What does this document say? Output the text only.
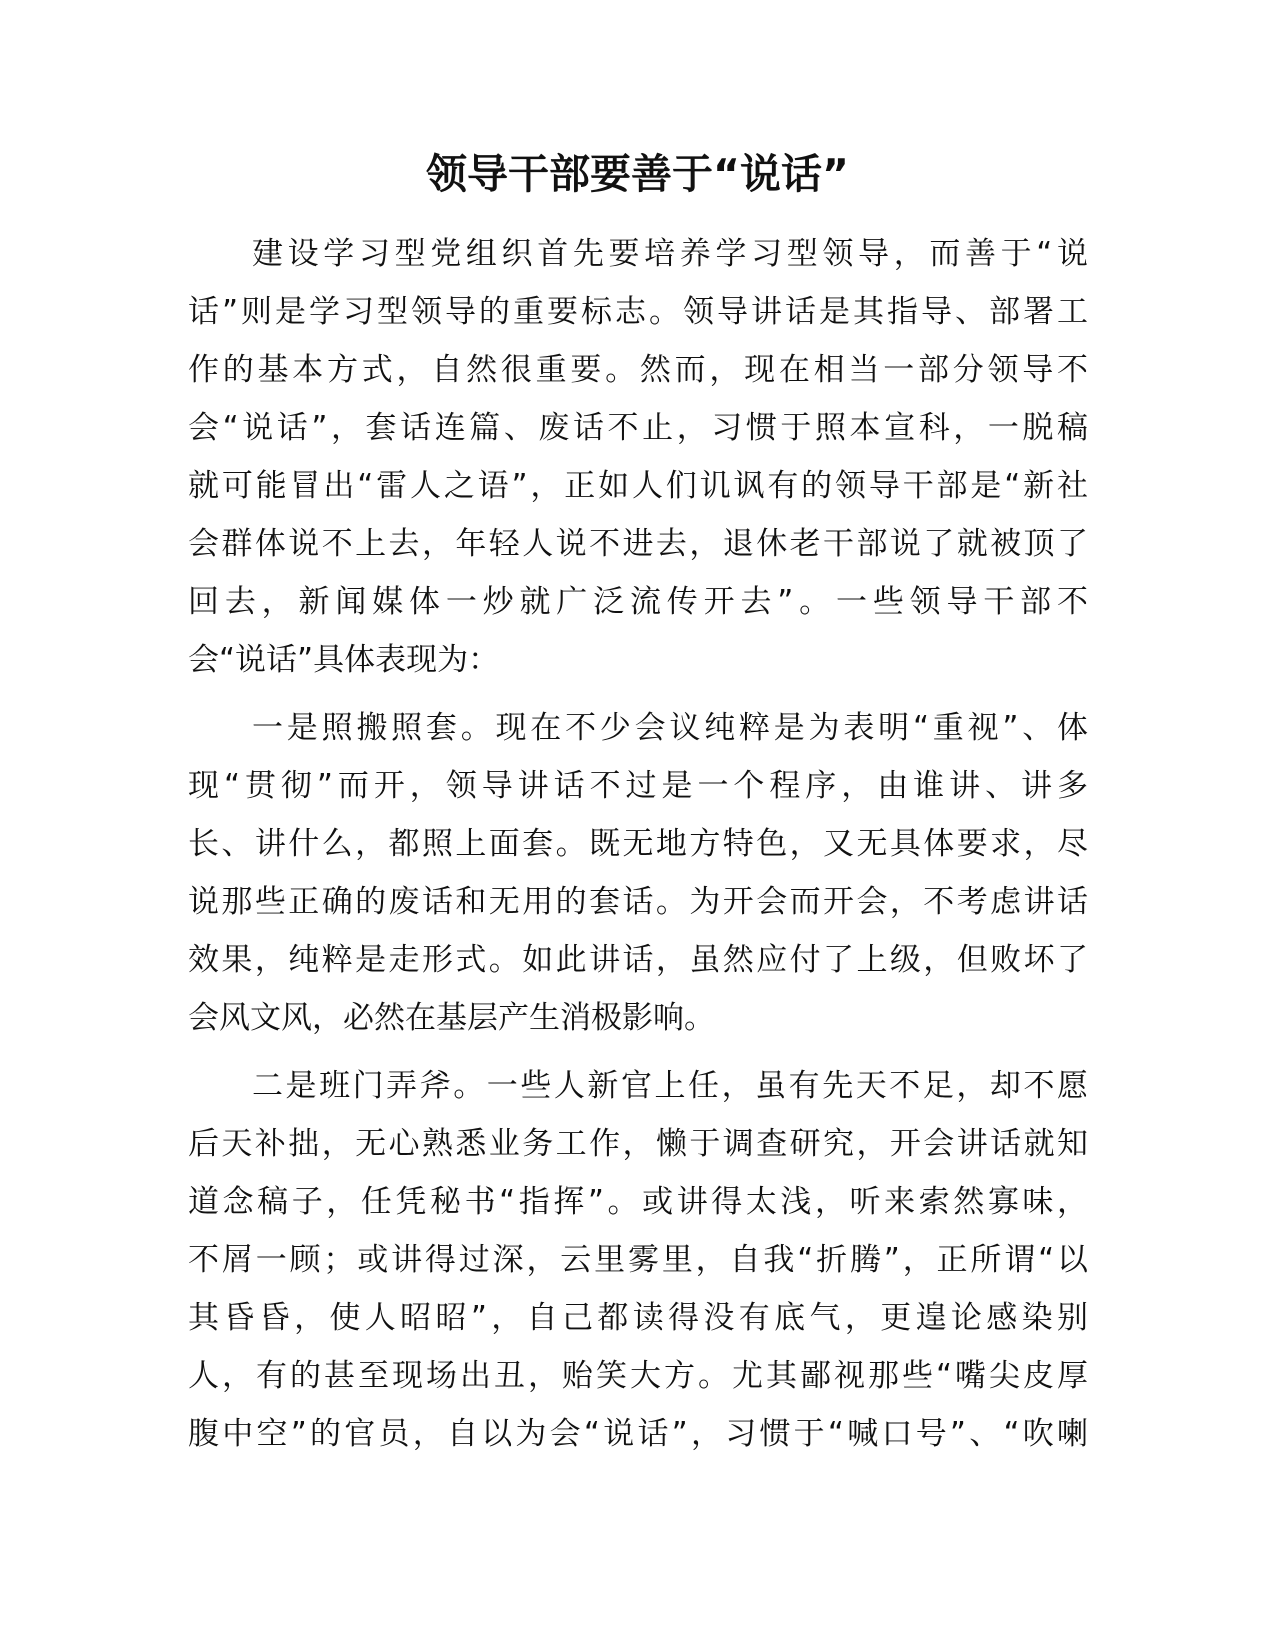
领导干部要善于“说话”
建设学习型党组织首先要培养学习型领导，而善于“说
话”则是学习型领导的重要标志。领导讲话是其指导、部署工
作的基本方式，自然很重要。然而，现在相当一部分领导不
会“说话”，套话连篇、废话不止，习惯于照本宣科，一脱稿
就可能冒出“雷人之语”，正如人们讥讽有的领导干部是“新社
会群体说不上去，年轻人说不进去，退休老干部说了就被顶了
回去，新闻媒体一炒就广泛流传开去”。一些领导干部不
会“说话”具体表现为：
一是照搬照套。现在不少会议纯粹是为表明“重视”、体
现“贯彻”而开，领导讲话不过是一个程序，由谁讲、讲多
长、讲什么，都照上面套。既无地方特色，又无具体要求，尽
说那些正确的废话和无用的套话。为开会而开会，不考虑讲话
效果，纯粹是走形式。如此讲话，虽然应付了上级，但败坏了
会风文风，必然在基层产生消极影响。
二是班门弄斧。一些人新官上任，虽有先天不足，却不愿
后天补拙，无心熟悉业务工作，懒于调查研究，开会讲话就知
道念稿子，任凭秘书“指挥”。或讲得太浅，听来索然寡味，
不屑一顾；或讲得过深，云里雾里，自我“折腾”，正所谓“以
其昏昏，使人昭昭”，自己都读得没有底气，更遑论感染别
人，有的甚至现场出丑，贻笑大方。尤其鄙视那些“嘴尖皮厚
腹中空”的官员，自以为会“说话”，习惯于“喊口号”、“吹喇
